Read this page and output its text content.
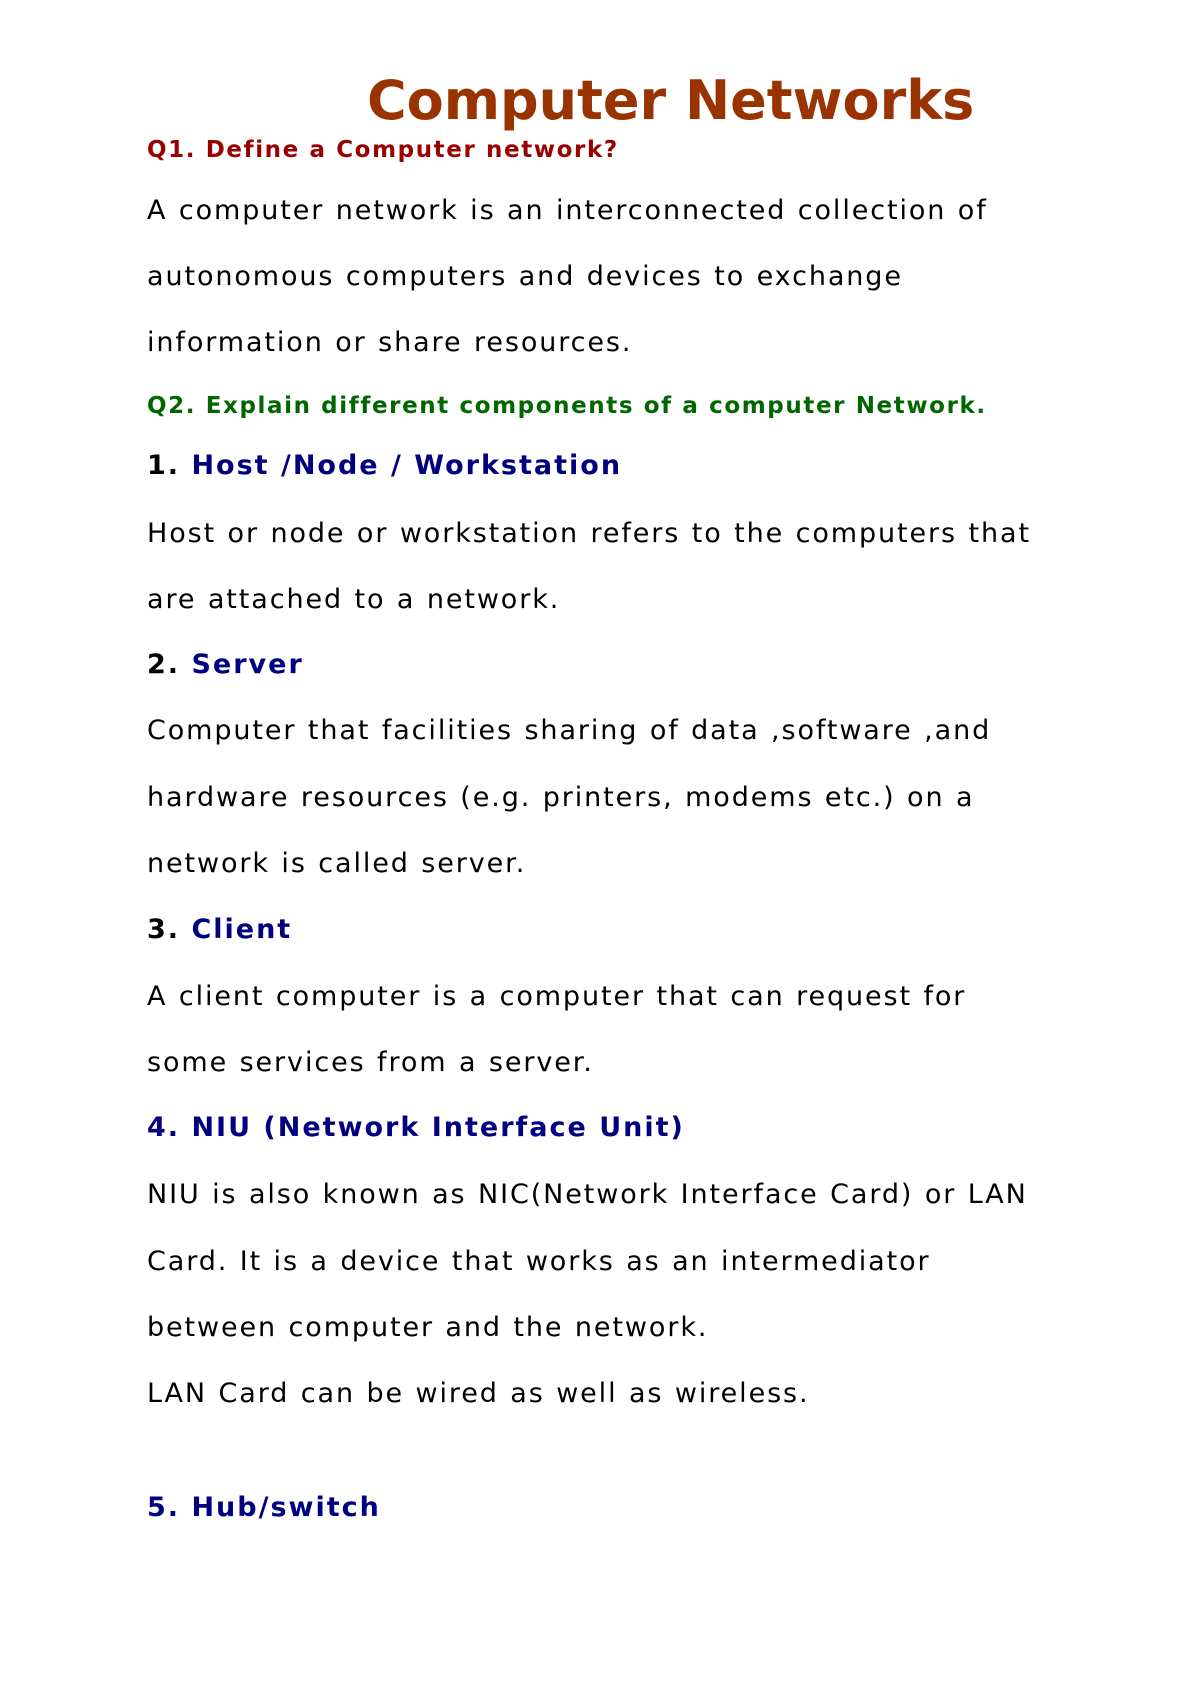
Computer Networks
Q1. Define a Computer network?
A computer network is an interconnected collection of
autonomous computers and devices to exchange
information or share resources.
Q2. Explain different components of a computer Network.
1. Host /Node / Workstation
Host or node or workstation refers to the computers that
are attached to a network.
2. Server
Computer that facilities sharing of data ,software ,and
hardware resources (e.g. printers, modems etc.) on a
network is called server.
3. Client
A client computer is a computer that can request for
some services from a server.
4. NIU (Network Interface Unit)
NIU is also known as NIC(Network Interface Card) or LAN
Card. It is a device that works as an intermediator
between computer and the network.
LAN Card can be wired as well as wireless.
5. Hub/switch
